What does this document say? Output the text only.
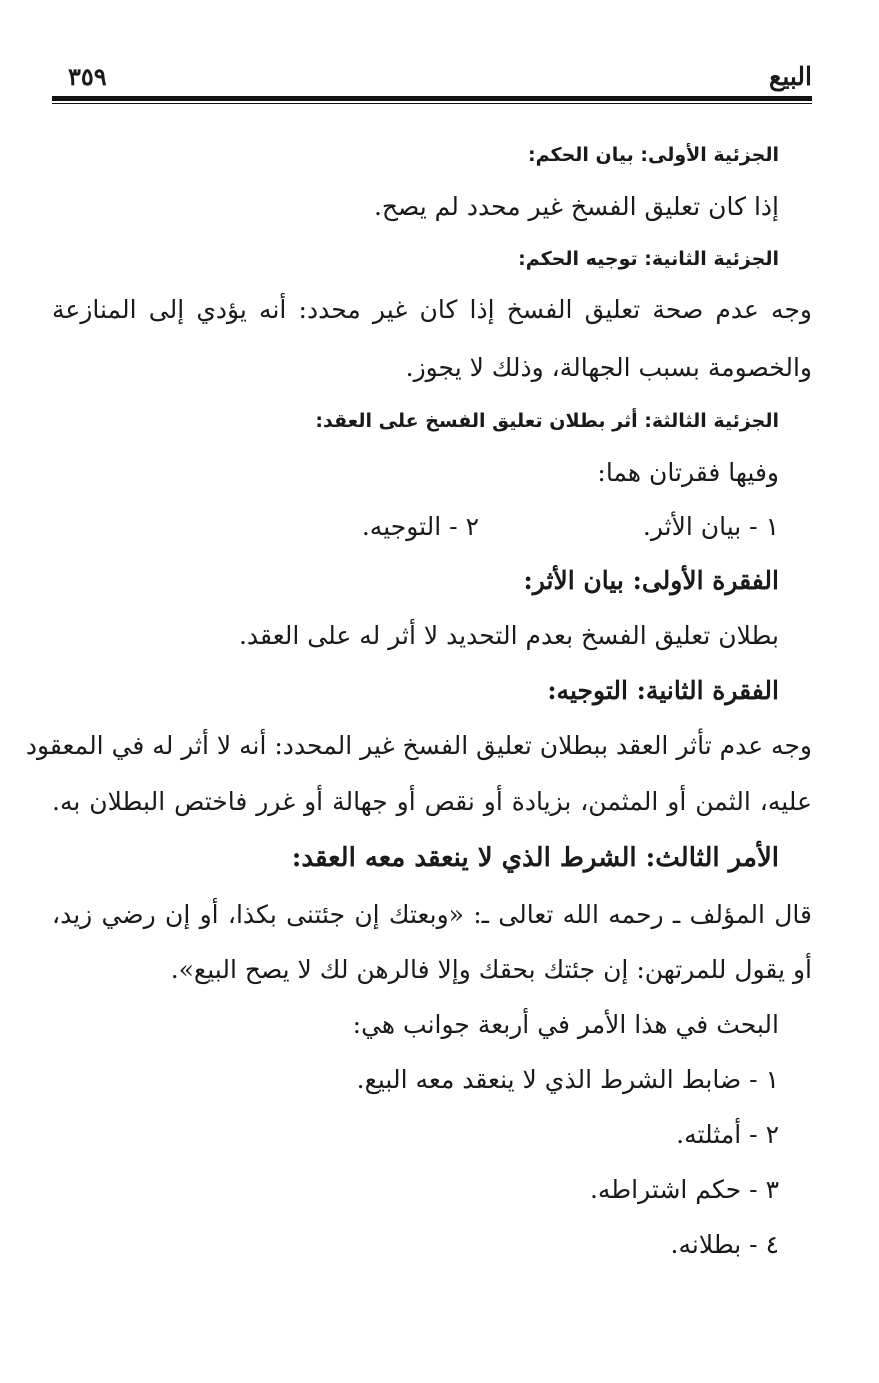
البيع
٣٥٩
الجزئية الأولى: بيان الحكم:
إذا كان تعليق الفسخ غير محدد لم يصح.
الجزئية الثانية: توجيه الحكم:
وجه عدم صحة تعليق الفسخ إذا كان غير محدد: أنه يؤدي إلى المنازعة
والخصومة بسبب الجهالة، وذلك لا يجوز.
الجزئية الثالثة: أثر بطلان تعليق الفسخ على العقد:
وفيها فقرتان هما:
١ - بيان الأثر.
٢ - التوجيه.
الفقرة الأولى: بيان الأثر:
بطلان تعليق الفسخ بعدم التحديد لا أثر له على العقد.
الفقرة الثانية: التوجيه:
وجه عدم تأثر العقد ببطلان تعليق الفسخ غير المحدد: أنه لا أثر له في المعقود
عليه، الثمن أو المثمن، بزيادة أو نقص أو جهالة أو غرر فاختص البطلان به.
الأمر الثالث: الشرط الذي لا ينعقد معه العقد:
قال المؤلف ـ رحمه الله تعالى ـ: «وبعتك إن جئتنى بكذا، أو إن رضي زيد،
أو يقول للمرتهن: إن جئتك بحقك وإلا فالرهن لك لا يصح البيع».
البحث في هذا الأمر في أربعة جوانب هي:
١ - ضابط الشرط الذي لا ينعقد معه البيع.
٢ - أمثلته.
٣ - حكم اشتراطه.
٤ - بطلانه.
